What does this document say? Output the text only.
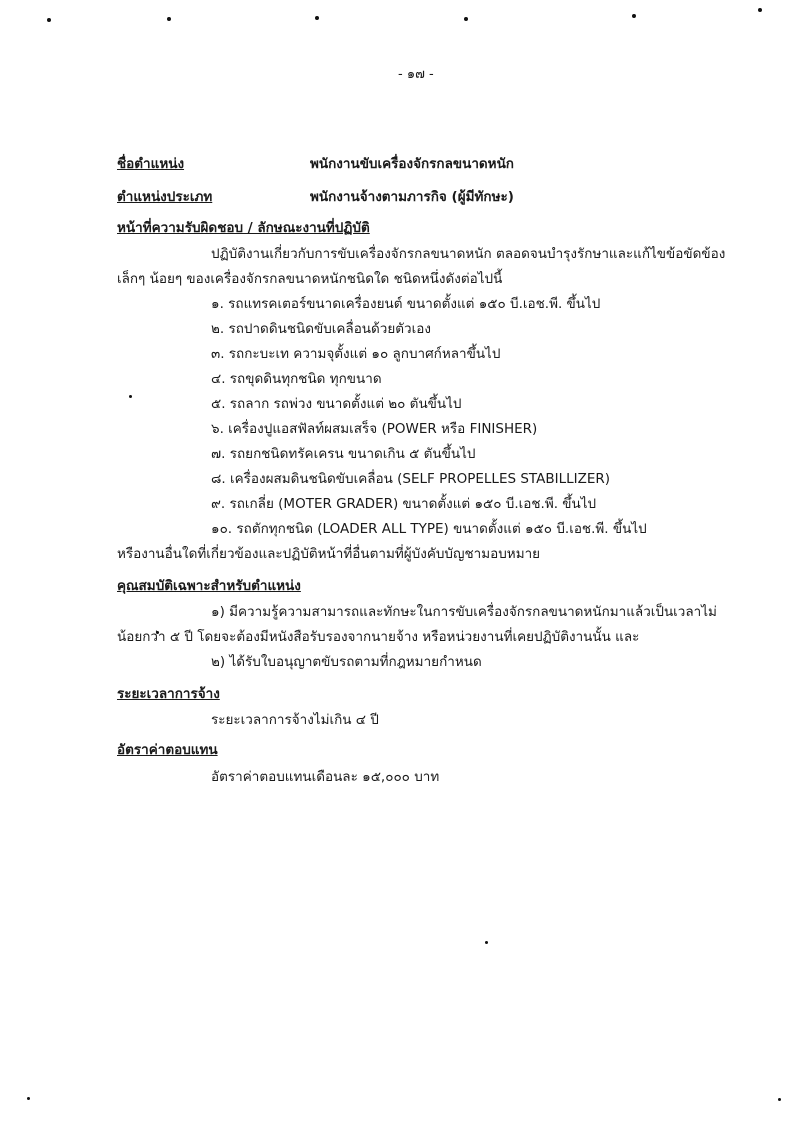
- ๑๗ -
ชื่อตำแหน่ง	พนักงานขับเครื่องจักรกลขนาดหนัก
ตำแหน่งประเภท	พนักงานจ้างตามภารกิจ (ผู้มีทักษะ)
หน้าที่ความรับผิดชอบ / ลักษณะงานที่ปฏิบัติ
ปฏิบัติงานเกี่ยวกับการขับเครื่องจักรกลขนาดหนัก ตลอดจนบำรุงรักษาและแก้ไขข้อขัดข้อง
เล็กๆ น้อยๆ ของเครื่องจักรกลขนาดหนักชนิดใด ชนิดหนึ่งดังต่อไปนี้
๑. รถแทรคเตอร์ขนาดเครื่องยนต์ ขนาดตั้งแต่ ๑๕๐ บี.เอช.พี. ขึ้นไป
๒. รถปาดดินชนิดขับเคลื่อนด้วยตัวเอง
๓. รถกะบะเท ความจุตั้งแต่ ๑๐ ลูกบาศก์หลาขึ้นไป
๔. รถขุดดินทุกชนิด ทุกขนาด
๕. รถลาก รถพ่วง ขนาดตั้งแต่ ๒๐ ตันขึ้นไป
๖. เครื่องปูแอสฟัลท์ผสมเสร็จ (POWER หรือ FINISHER)
๗. รถยกชนิดทรัคเครน ขนาดเกิน ๕ ตันขึ้นไป
๘. เครื่องผสมดินชนิดขับเคลื่อน (SELF PROPELLES STABILLIZER)
๙. รถเกลี่ย (MOTER GRADER) ขนาดตั้งแต่ ๑๕๐ บี.เอช.พี. ขึ้นไป
๑๐. รถตักทุกชนิด (LOADER ALL TYPE) ขนาดตั้งแต่ ๑๕๐ บี.เอช.พี. ขึ้นไป
หรืองานอื่นใดที่เกี่ยวข้องและปฏิบัติหน้าที่อื่นตามที่ผู้บังคับบัญชามอบหมาย
คุณสมบัติเฉพาะสำหรับตำแหน่ง
๑) มีความรู้ความสามารถและทักษะในการขับเครื่องจักรกลขนาดหนักมาแล้วเป็นเวลาไม่
น้อยกว่า ๕ ปี โดยจะต้องมีหนังสือรับรองจากนายจ้าง หรือหน่วยงานที่เคยปฏิบัติงานนั้น และ
๒) ได้รับใบอนุญาตขับรถตามที่กฎหมายกำหนด
ระยะเวลาการจ้าง
ระยะเวลาการจ้างไม่เกิน ๔ ปี
อัตราค่าตอบแทน
อัตราค่าตอบแทนเดือนละ ๑๕,๐๐๐ บาท
